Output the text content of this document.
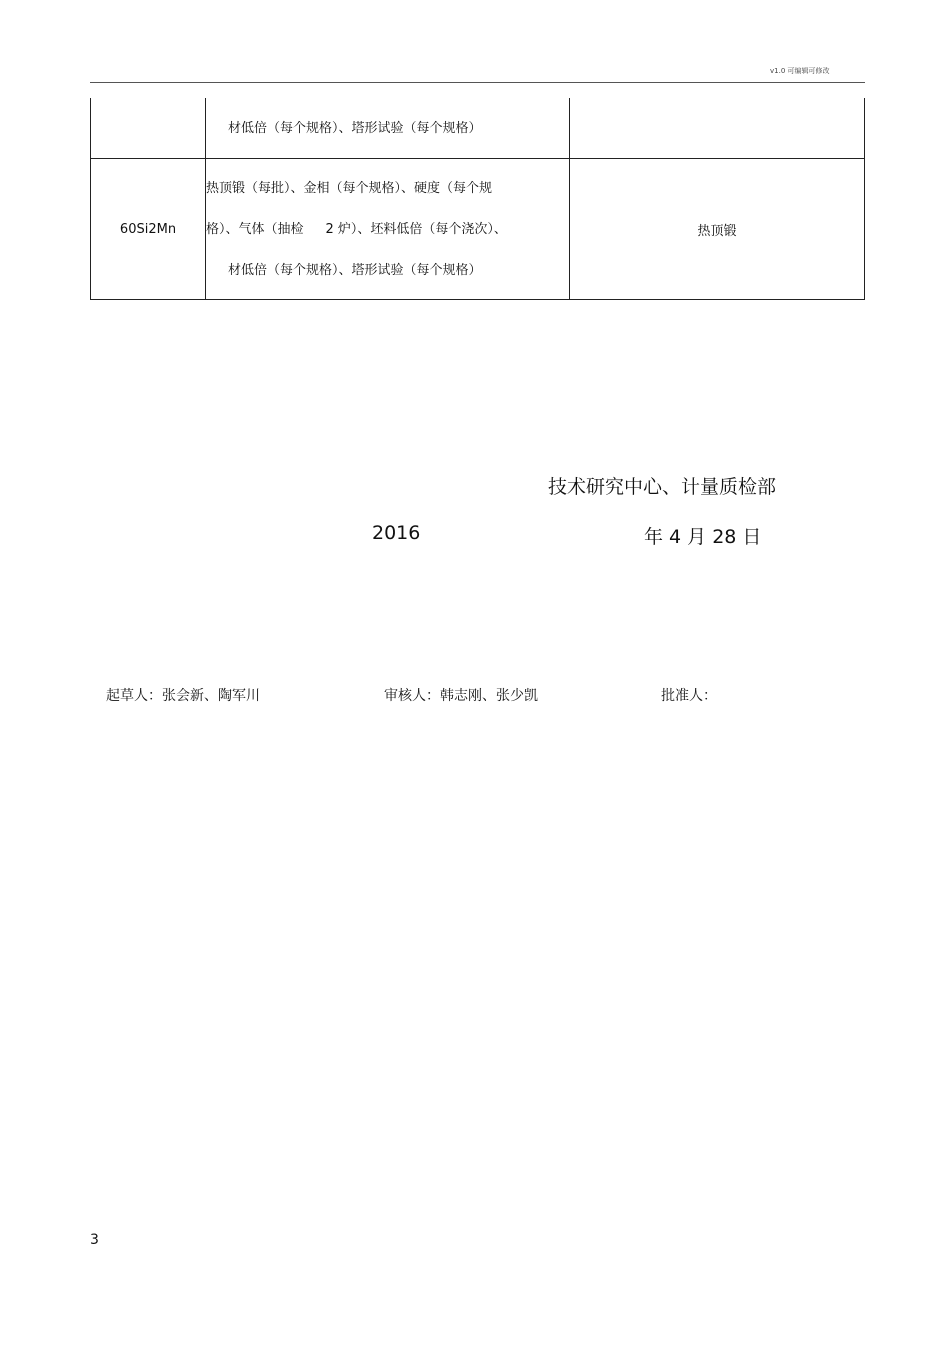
v1.0 可编辑可修改

	材低倍（每个规格）、塔形试验（每个规格）	

60Si2Mn	热顶锻（每批）、金相（每个规格）、硬度（每个规
格）、气体（抽检 2 炉）、坯料低倍（每个浇次）、
材低倍（每个规格）、塔形试验（每个规格）	热顶锻
技术研究中心、计量质检部
2016	年 4 月 28 日
起草人：张会新、陶军川	审核人：韩志刚、张少凯	批准人：
3
